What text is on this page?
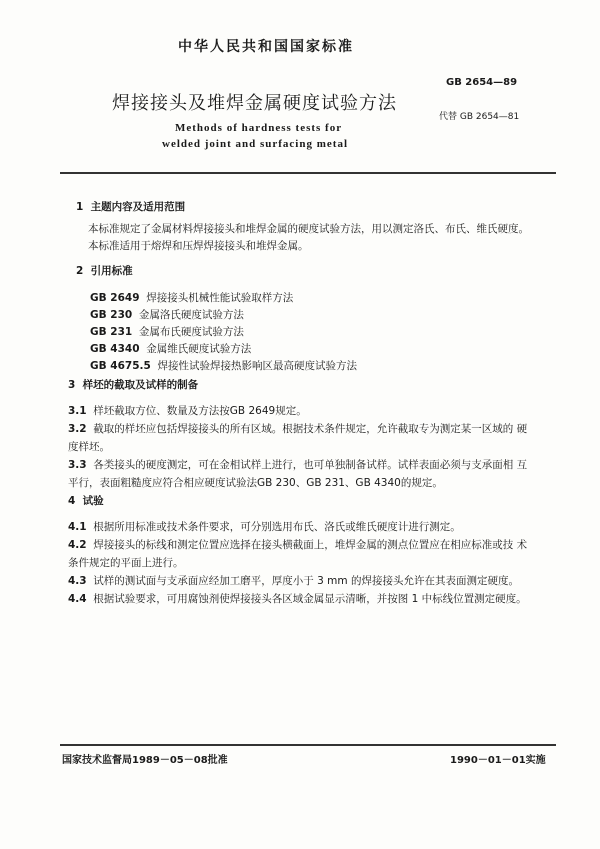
中华人民共和国国家标准
GB 2654—89
焊接接头及堆焊金属硬度试验方法
代替 GB 2654—81
Methods of hardness tests for
welded joint and surfacing metal
1 主题内容及适用范围
本标准规定了金属材料焊接接头和堆焊金属的硬度试验方法，用以测定洛氏、布氏、维氏硬度。
本标准适用于熔焊和压焊焊接接头和堆焊金属。
2 引用标准
GB 2649 焊接接头机械性能试验取样方法
GB 230 金属洛氏硬度试验方法
GB 231 金属布氏硬度试验方法
GB 4340 金属维氏硬度试验方法
GB 4675.5 焊接性试验焊接热影响区最高硬度试验方法
3 样坯的截取及试样的制备
3.1 样坯截取方位、数量及方法按GB 2649规定。
3.2 截取的样坯应包括焊接接头的所有区域。根据技术条件规定，允许截取专为测定某一区域的 硬
度样坯。
3.3 各类接头的硬度测定，可在金相试样上进行，也可单独制备试样。试样表面必须与支承面相 互
平行，表面粗糙度应符合相应硬度试验法GB 230、GB 231、GB 4340的规定。
4 试验
4.1 根据所用标准或技术条件要求，可分别选用布氏、洛氏或维氏硬度计进行测定。
4.2 焊接接头的标线和测定位置应选择在接头横截面上，堆焊金属的测点位置应在相应标准或技 术
条件规定的平面上进行。
4.3 试样的测试面与支承面应经加工磨平，厚度小于 3 mm 的焊接接头允许在其表面测定硬度。
4.4 根据试验要求，可用腐蚀剂使焊接接头各区域金属显示清晰，并按图 1 中标线位置测定硬度。
国家技术监督局1989－05－08批准	1990－01－01实施
